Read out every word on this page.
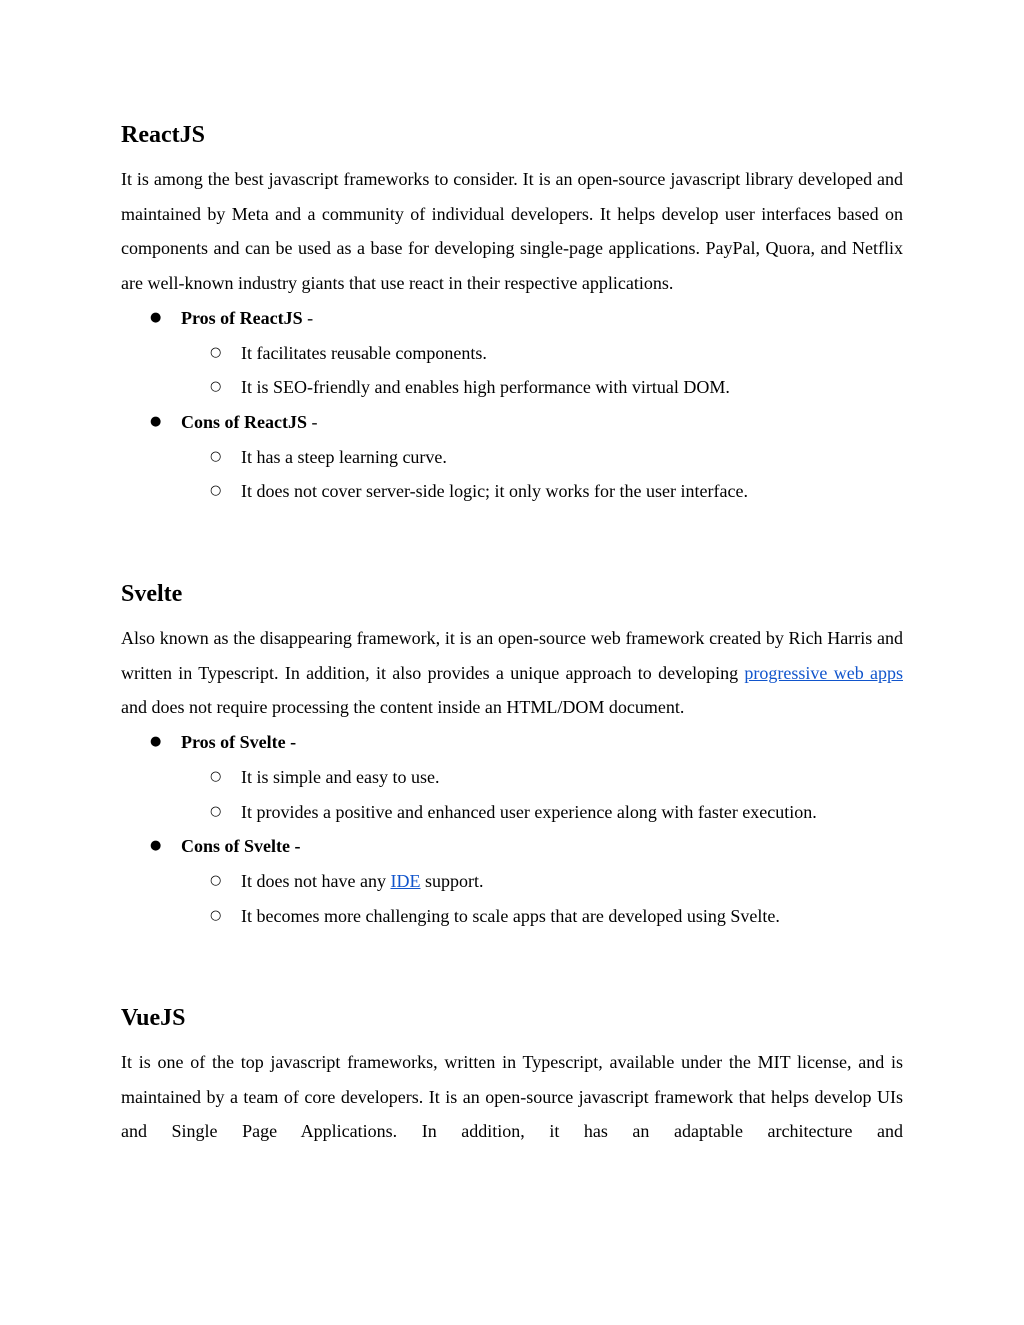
ReactJS

It is among the best javascript frameworks to consider. It is an open-source javascript library developed and maintained by Meta and a community of individual developers. It helps develop user interfaces based on components and can be used as a base for developing single-page applications. PayPal, Quora, and Netflix are well-known industry giants that use react in their respective applications.

● Pros of ReactJS -
○ It facilitates reusable components.
○ It is SEO-friendly and enables high performance with virtual DOM.
● Cons of ReactJS -
○ It has a steep learning curve.
○ It does not cover server-side logic; it only works for the user interface.
Svelte

Also known as the disappearing framework, it is an open-source web framework created by Rich Harris and written in Typescript. In addition, it also provides a unique approach to developing progressive web apps and does not require processing the content inside an HTML/DOM document.

● Pros of Svelte -
○ It is simple and easy to use.
○ It provides a positive and enhanced user experience along with faster execution.
● Cons of Svelte -
○ It does not have any IDE support.
○ It becomes more challenging to scale apps that are developed using Svelte.
VueJS

It is one of the top javascript frameworks, written in Typescript, available under the MIT license, and is maintained by a team of core developers. It is an open-source javascript framework that helps develop UIs and Single Page Applications. In addition, it has an adaptable architecture and
